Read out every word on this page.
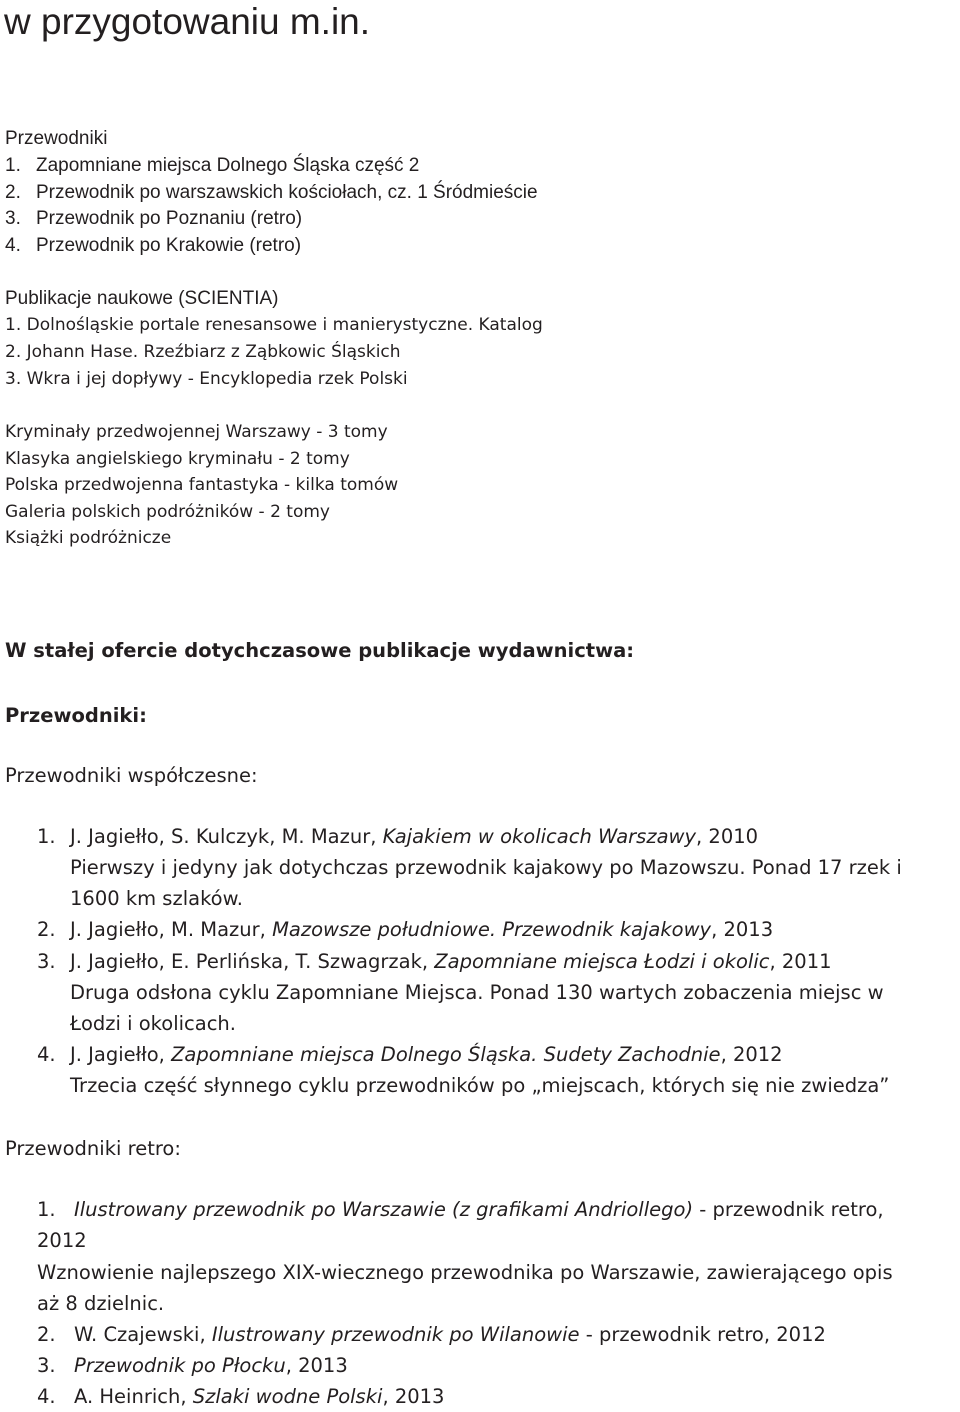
w przygotowaniu m.in.
Przewodniki
1. Zapomniane miejsca Dolnego Śląska część 2
2. Przewodnik po warszawskich kościołach, cz. 1 Śródmieście
3. Przewodnik po Poznaniu (retro)
4. Przewodnik po Krakowie (retro)
Publikacje naukowe (SCIENTIA)
1. Dolnośląskie portale renesansowe i manierystyczne. Katalog
2. Johann Hase. Rzeźbiarz z Ząbkowic Śląskich
3. Wkra i jej dopływy - Encyklopedia rzek Polski
Kryminały przedwojennej Warszawy - 3 tomy
Klasyka angielskiego kryminału - 2 tomy
Polska przedwojenna fantastyka - kilka tomów
Galeria polskich podróżników - 2 tomy
Książki podróżnicze
W stałej ofercie dotychczasowe publikacje wydawnictwa:
Przewodniki:
Przewodniki współczesne:
1. J. Jagiełło, S. Kulczyk, M. Mazur, Kajakiem w okolicach Warszawy, 2010
Pierwszy i jedyny jak dotychczas przewodnik kajakowy po Mazowszu. Ponad 17 rzek i
1600 km szlaków.
2. J. Jagiełło, M. Mazur, Mazowsze południowe. Przewodnik kajakowy, 2013
3. J. Jagiełło, E. Perlińska, T. Szwagrzak, Zapomniane miejsca Łodzi i okolic, 2011
Druga odsłona cyklu Zapomniane Miejsca. Ponad 130 wartych zobaczenia miejsc w
Łodzi i okolicach.
4. J. Jagiełło, Zapomniane miejsca Dolnego Śląska. Sudety Zachodnie, 2012
Trzecia część słynnego cyklu przewodników po „miejscach, których się nie zwiedza”
Przewodniki retro:
1. Ilustrowany przewodnik po Warszawie (z grafikami Andriollego) - przewodnik retro,
2012
Wznowienie najlepszego XIX-wiecznego przewodnika po Warszawie, zawierającego opis
aż 8 dzielnic.
2. W. Czajewski, Ilustrowany przewodnik po Wilanowie - przewodnik retro, 2012
3. Przewodnik po Płocku, 2013
4. A. Heinrich, Szlaki wodne Polski, 2013
